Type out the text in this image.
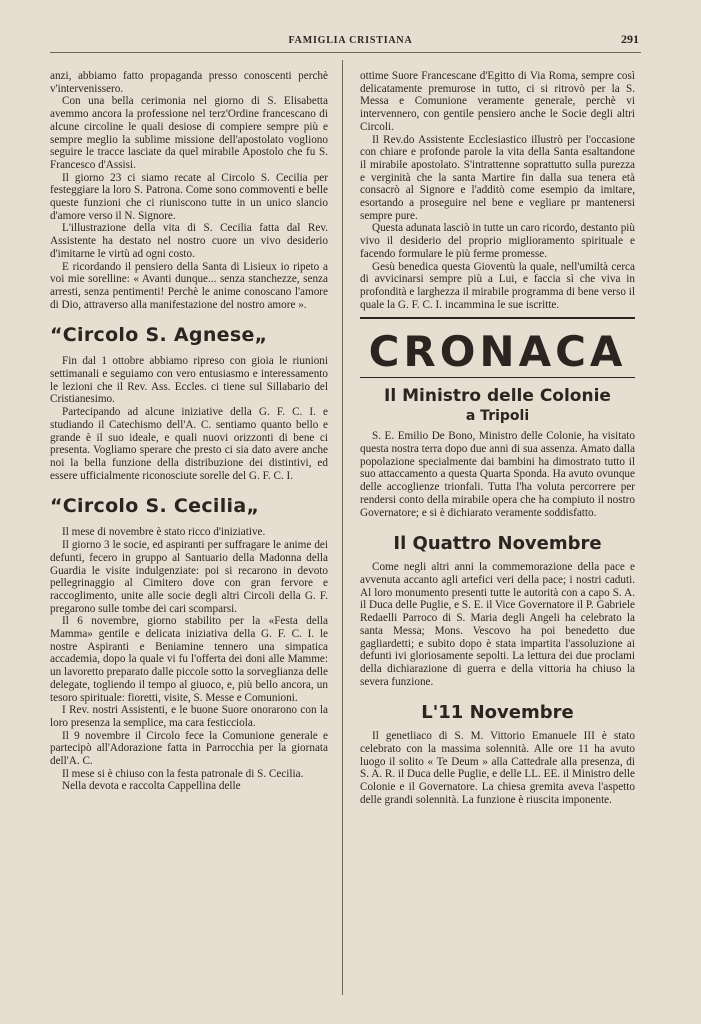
FAMIGLIA CRISTIANA	291

anzi, abbiamo fatto propaganda presso conoscenti perchè v'intervenissero.

Con una bella cerimonia nel giorno di S. Elisabetta avemmo ancora la professione nel terz'Ordine francescano di alcune circoline le quali desiose di compiere sempre più e sempre meglio la sublime missione dell'apostolato vogliono seguire le tracce lasciate da quel mirabile Apostolo che fu S. Francesco d'Assisi.

Il giorno 23 ci siamo recate al Circolo S. Cecilia per festeggiare la loro S. Patrona. Come sono commoventi e belle queste funzioni che ci riuniscono tutte in un unico slancio d'amore verso il N. Signore.

L'illustrazione della vita di S. Cecilia fatta dal Rev. Assistente ha destato nel nostro cuore un vivo desiderio d'imitarne le virtù ad ogni costo.

E ricordando il pensiero della Santa di Lisieux io ripeto a voi mie sorelline: « Avanti dunque... senza stanchezze, senza arresti, senza pentimenti! Perchè le anime conoscano l'amore di Dio, attraverso alla manifestazione del nostro amore ».

“Circolo S. Agnese„

Fin dal 1 ottobre abbiamo ripreso con gioia le riunioni settimanali e seguiamo con vero entusiasmo e interessamento le lezioni che il Rev. Ass. Eccles. ci tiene sul Sillabario del Cristianesimo.

Partecipando ad alcune iniziative della G. F. C. I. e studiando il Catechismo dell'A. C. sentiamo quanto bello e grande è il suo ideale, e quali nuovi orizzonti di bene ci presenta. Vogliamo sperare che presto ci sia dato avere anche noi la bella funzione della distribuzione dei distintivi, ed essere ufficialmente riconosciute sorelle del G. F. C. I.

“Circolo S. Cecilia„

Il mese di novembre è stato ricco d'iniziative.

Il giorno 3 le socie, ed aspiranti per suffragare le anime dei defunti, fecero in gruppo al Santuario della Madonna della Guardia le visite indulgenziate: poi si recarono in devoto pellegrinaggio al Cimitero dove con gran fervore e raccoglimento, unite alle socie degli altri Circoli della G. F. pregarono sulle tombe dei cari scomparsi.

Il 6 novembre, giorno stabilito per la «Festa della Mamma» gentile e delicata iniziativa della G. F. C. I. le nostre Aspiranti e Beniamine tennero una simpatica accademia, dopo la quale vi fu l'offerta dei doni alle Mamme: un lavoretto preparato dalle piccole sotto la sorveglianza delle delegate, togliendo il tempo al giuoco, e, più bello ancora, un tesoro spirituale: fioretti, visite, S. Messe e Comunioni.

I Rev. nostri Assistenti, e le buone Suore onorarono con la loro presenza la semplice, ma cara festicciola.

Il 9 novembre il Circolo fece la Comunione generale e partecipò all'Adorazione fatta in Parrocchia per la giornata dell'A. C.

Il mese si è chiuso con la festa patronale di S. Cecilia.

Nella devota e raccolta Cappellina delle

ottime Suore Francescane d'Egitto di Via Roma, sempre così delicatamente premurose in tutto, ci si ritrovò per la S. Messa e Comunione veramente generale, perchè vi intervennero, con gentile pensiero anche le Socie degli altri Circoli.

Il Rev.do Assistente Ecclesiastico illustrò per l'occasione con chiare e profonde parole la vita della Santa esaltandone il mirabile apostolato. S'intrattenne soprattutto sulla purezza e verginità che la santa Martire fin dalla sua tenera età consacrò al Signore e l'additò come esempio da imitare, esortando a proseguire nel bene e vegliare pr mantenersi sempre pure.

Questa adunata lasciò in tutte un caro ricordo, destanto più vivo il desiderio del proprio miglioramento spirituale e facendo formulare le più ferme promesse.

Gesù benedica questa Gioventù la quale, nell'umiltà cerca di avvicinarsi sempre più a Lui, e faccia sì che viva in profondità e larghezza il mirabile programma di bene verso il quale la G. F. C. I. incammina le sue iscritte.

CRONACA
Il Ministro delle Colonie
a Tripoli

S. E. Emilio De Bono, Ministro delle Colonie, ha visitato questa nostra terra dopo due anni di sua assenza. Amato dalla popolazione specialmente dai bambini ha dimostrato tutto il suo attaccamento a questa Quarta Sponda. Ha avuto ovunque delle accoglienze trionfali. Tutta l'ha voluta percorrere per rendersi conto della mirabile opera che ha compiuto il nostro Governatore; e si è dichiarato veramente soddisfatto.

Il Quattro Novembre

Come negli altri anni la commemorazione della pace e avvenuta accanto agli artefici veri della pace; i nostri caduti. Al loro monumento presenti tutte le autorità con a capo S. A. il Duca delle Puglie, e S. E. il Vice Governatore il P. Gabriele Redaelli Parroco di S. Maria degli Angeli ha celebrato la santa Messa; Mons. Vescovo ha poi benedetto due gagliardetti; e subito dopo è stata impartita l'assoluzione ai defunti ivi gloriosamente sepolti. La lettura dei due proclami della dichiarazione di guerra e della vittoria ha chiuso la severa funzione.

L'11 Novembre

Il genetliaco di S. M. Vittorio Emanuele III è stato celebrato con la massima solennità. Alle ore 11 ha avuto luogo il solito « Te Deum » alla Cattedrale alla presenza, di S. A. R. il Duca delle Puglie, e delle LL. EE. il Ministro delle Colonie e il Governatore. La chiesa gremita aveva l'aspetto delle grandi solennità. La funzione è riuscita imponente.
